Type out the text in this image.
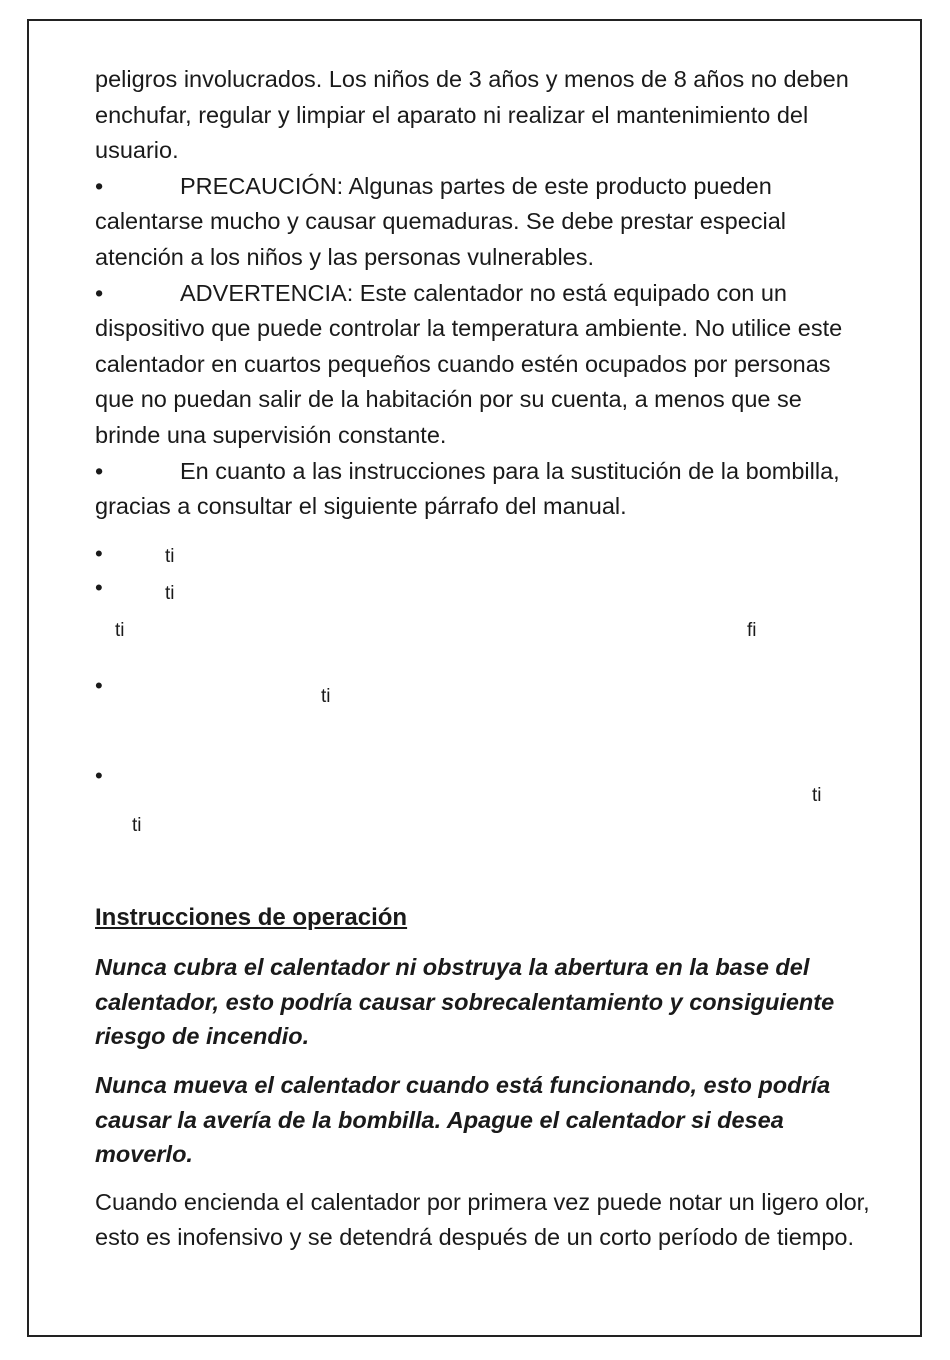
peligros involucrados. Los niños de 3 años y menos de 8 años no deben enchufar, regular y limpiar el aparato ni realizar el mantenimiento del usuario.

•	PRECAUCIÓN: Algunas partes de este producto pueden calentarse mucho y causar quemaduras. Se debe prestar especial atención a los niños y las personas vulnerables.

•	ADVERTENCIA: Este calentador no está equipado con un dispositivo que puede controlar la temperatura ambiente. No utilice este calentador en cuartos pequeños cuando estén ocupados por personas que no puedan salir de la habitación por su cuenta, a menos que se brinde una supervisión constante.

•	En cuanto a las instrucciones para la sustitución de la bombilla, gracias a consultar el siguiente párrafo del manual.

•	ti
•	ti
ti	fi
•	ti
•
ti
ti

Instrucciones de operación

Nunca cubra el calentador ni obstruya la abertura en la base del calentador, esto podría causar sobrecalentamiento y consiguiente riesgo de incendio.

Nunca mueva el calentador cuando está funcionando, esto podría causar la avería de la bombilla. Apague el calentador si desea moverlo.

Cuando encienda el calentador por primera vez puede notar un ligero olor, esto es inofensivo y se detendrá después de un corto período de tiempo.
